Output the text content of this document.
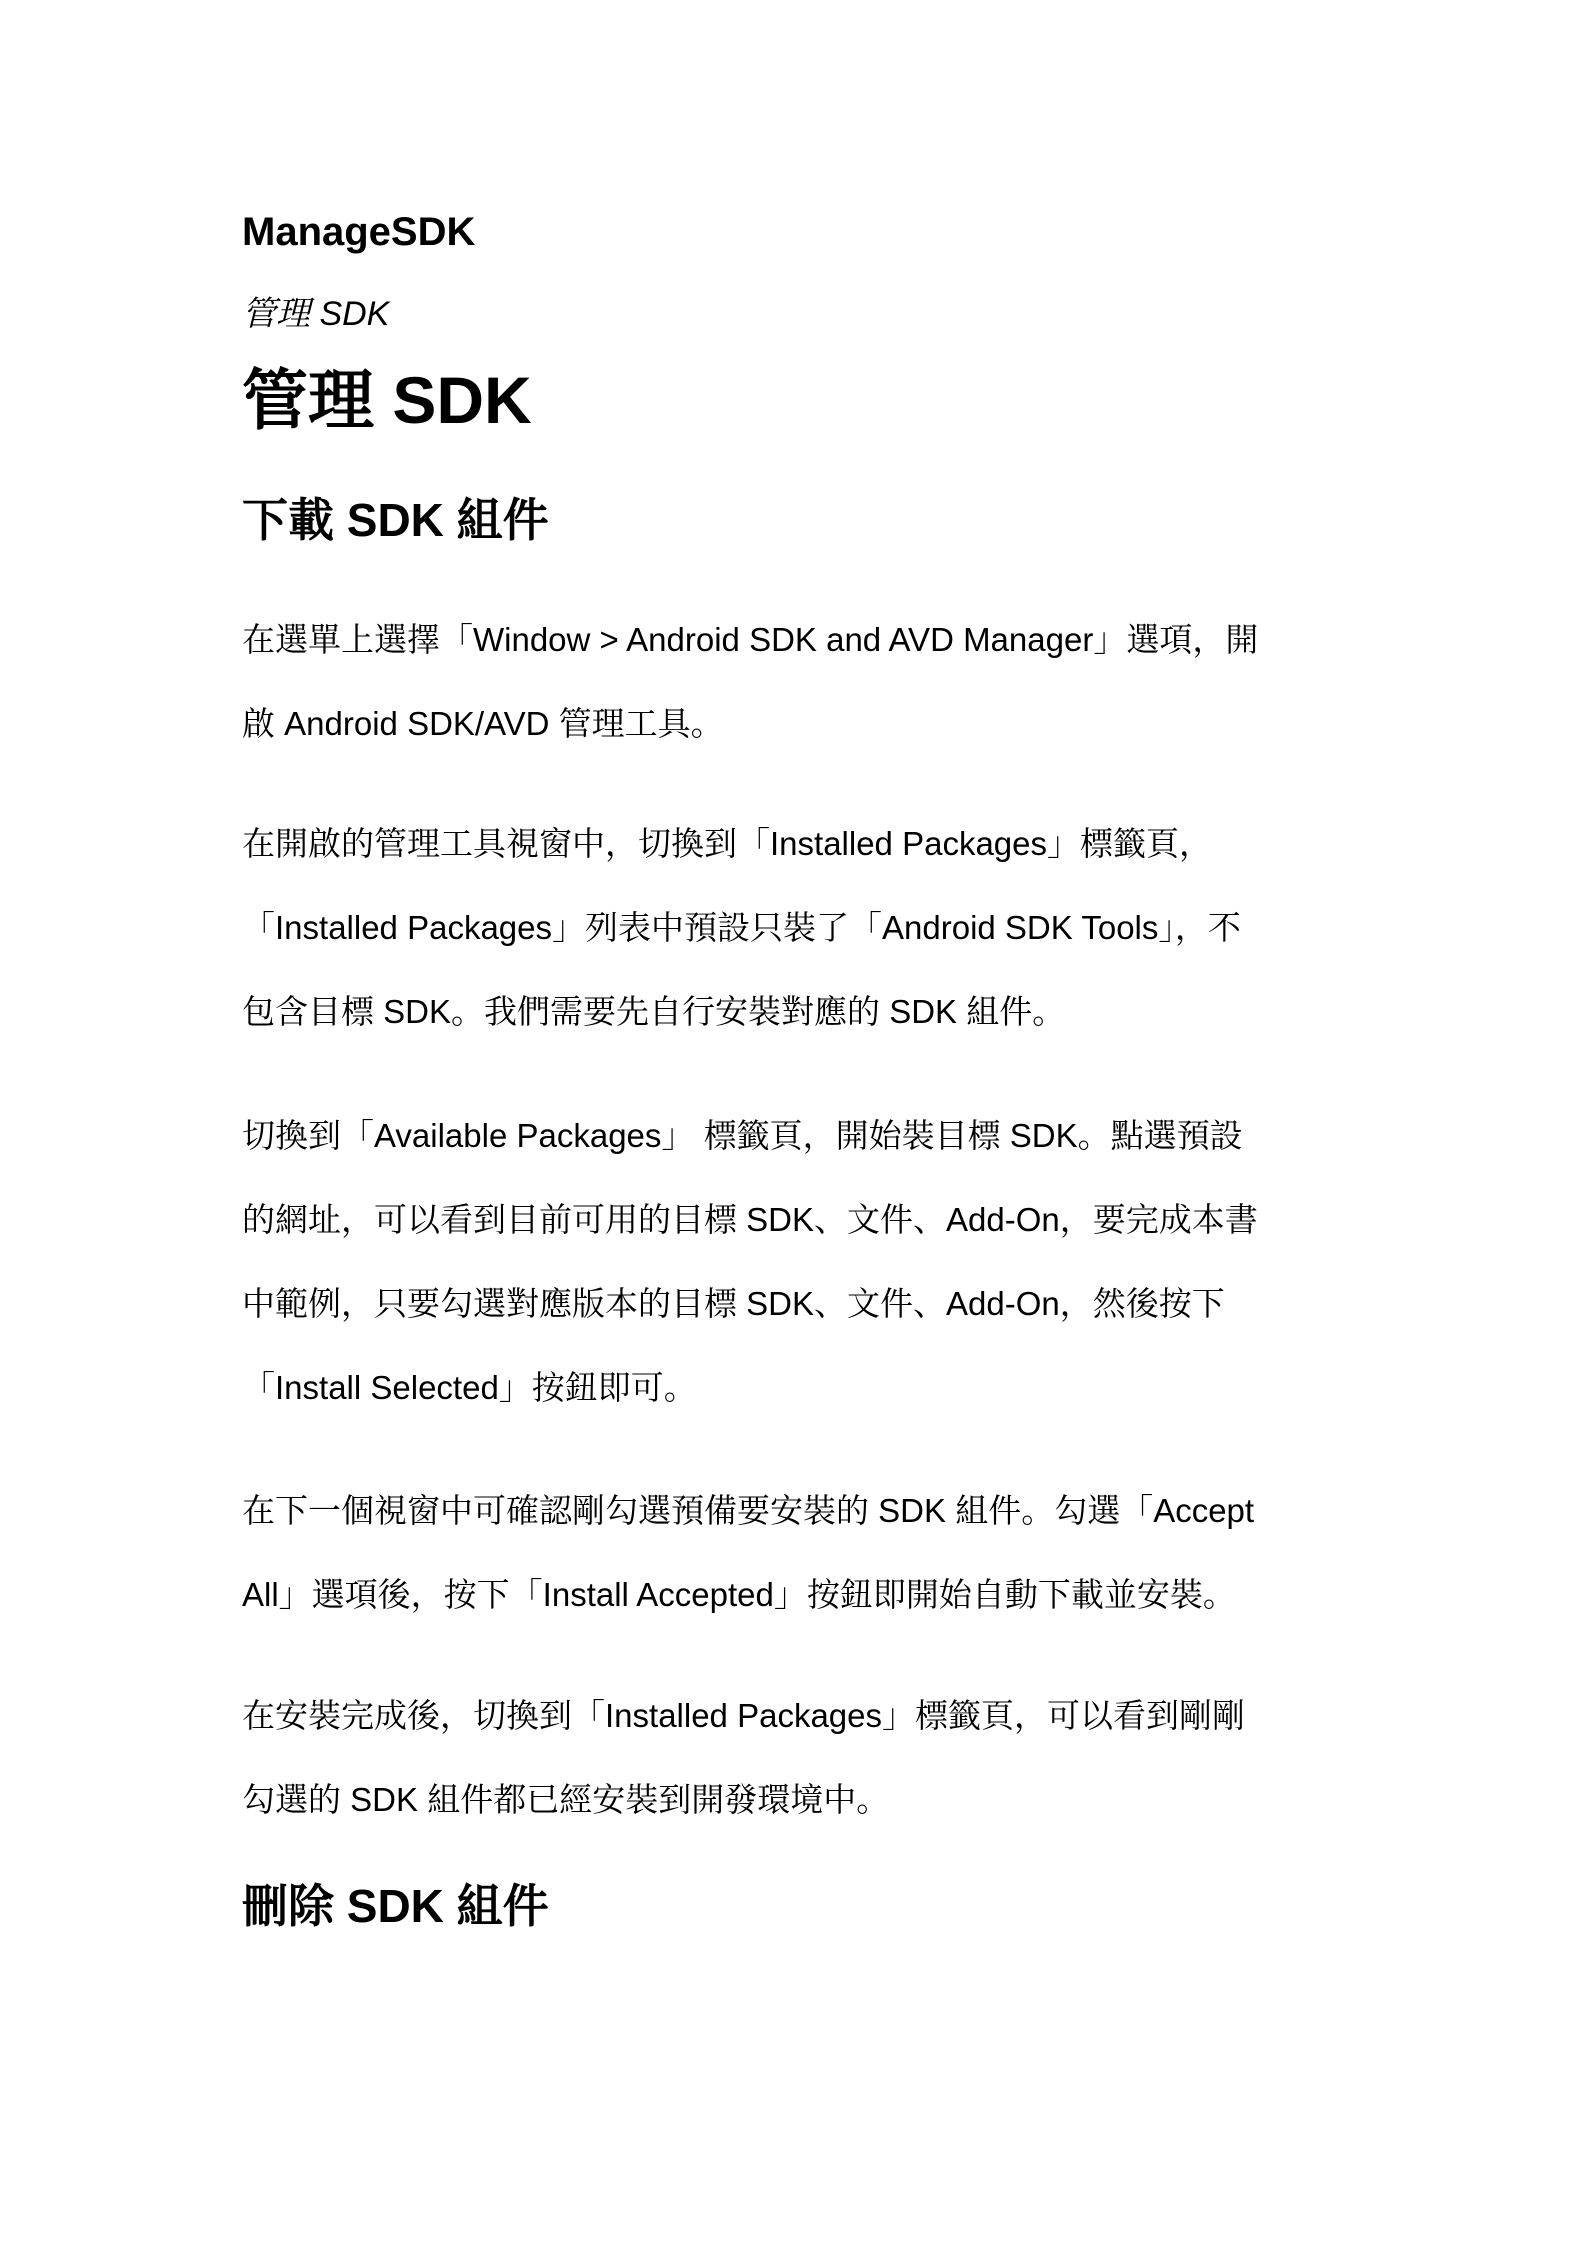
ManageSDK
管理 SDK
管理 SDK
下載 SDK 組件

在選單上選擇「Window > Android SDK and AVD Manager」選項，開
啟 Android SDK/AVD 管理工具。

在開啟的管理工具視窗中，切換到「Installed Packages」標籤頁，
「Installed Packages」列表中預設只裝了「Android SDK Tools」，不
包含目標 SDK。我們需要先自行安裝對應的 SDK 組件。

切換到「Available Packages」 標籤頁，開始裝目標 SDK。點選預設
的網址，可以看到目前可用的目標 SDK、文件、Add-On，要完成本書
中範例，只要勾選對應版本的目標 SDK、文件、Add-On，然後按下
「Install Selected」按鈕即可。

在下一個視窗中可確認剛勾選預備要安裝的 SDK 組件。勾選「Accept
All」選項後，按下「Install Accepted」按鈕即開始自動下載並安裝。

在安裝完成後，切換到「Installed Packages」標籤頁，可以看到剛剛
勾選的 SDK 組件都已經安裝到開發環境中。

刪除 SDK 組件
